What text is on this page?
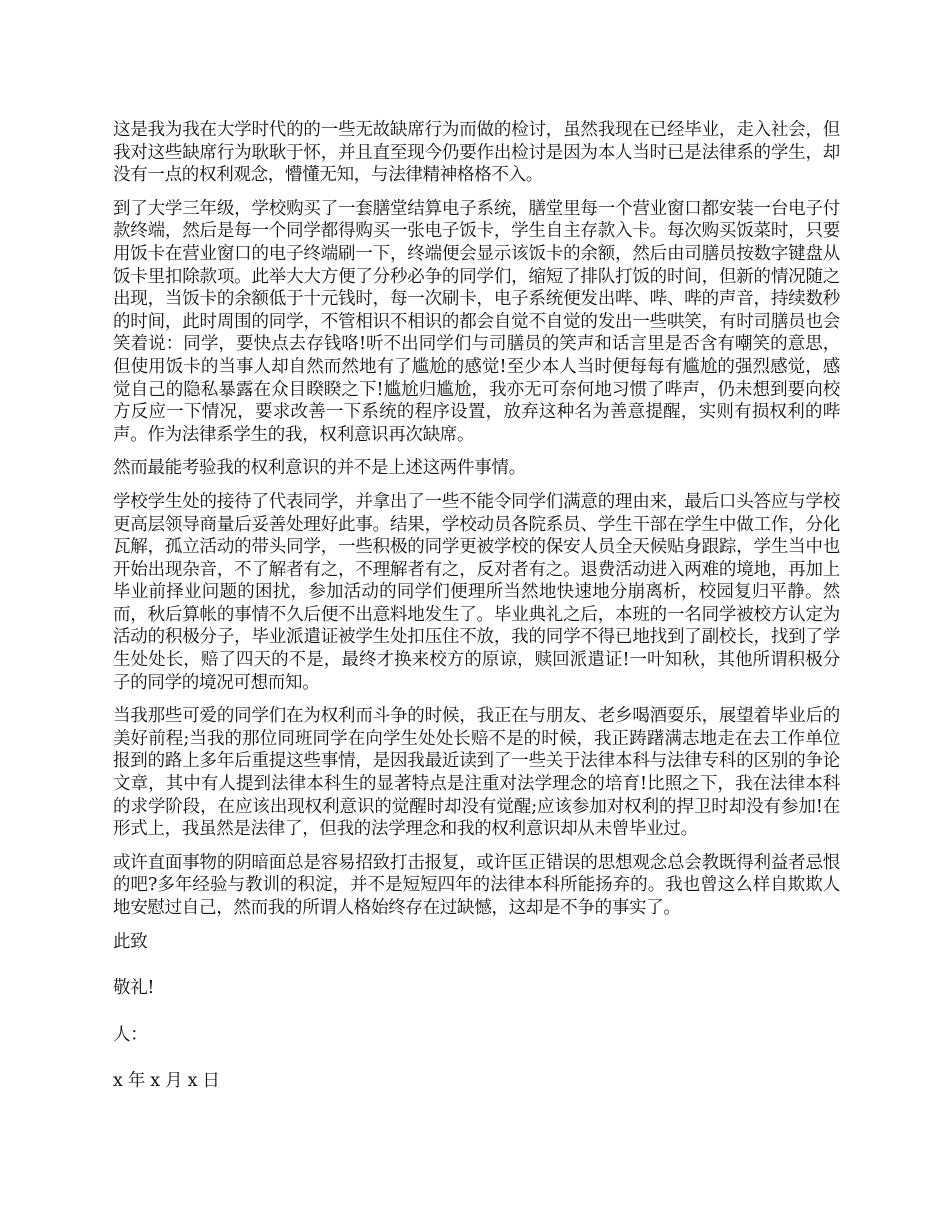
这是我为我在大学时代的的一些无故缺席行为而做的检讨，虽然我现在已经毕业，走入社会，但我对这些缺席行为耿耿于怀，并且直至现今仍要作出检讨是因为本人当时已是法律系的学生，却没有一点的权利观念，懵懂无知，与法律精神格格不入。

到了大学三年级，学校购买了一套膳堂结算电子系统，膳堂里每一个营业窗口都安装一台电子付款终端，然后是每一个同学都得购买一张电子饭卡，学生自主存款入卡。每次购买饭菜时，只要用饭卡在营业窗口的电子终端刷一下，终端便会显示该饭卡的余额，然后由司膳员按数字键盘从饭卡里扣除款项。此举大大方便了分秒必争的同学们，缩短了排队打饭的时间，但新的情况随之出现，当饭卡的余额低于十元钱时，每一次刷卡，电子系统便发出哔、哔、哔的声音，持续数秒的时间，此时周围的同学，不管相识不相识的都会自觉不自觉的发出一些哄笑，有时司膳员也会笑着说：同学，要快点去存钱咯!听不出同学们与司膳员的笑声和话言里是否含有嘲笑的意思，但使用饭卡的当事人却自然而然地有了尴尬的感觉!至少本人当时便每每有尴尬的强烈感觉，感觉自己的隐私暴露在众目睽睽之下!尴尬归尴尬，我亦无可奈何地习惯了哔声，仍未想到要向校方反应一下情况，要求改善一下系统的程序设置，放弃这种名为善意提醒，实则有损权利的哔声。作为法律系学生的我，权利意识再次缺席。

然而最能考验我的权利意识的并不是上述这两件事情。

学校学生处的接待了代表同学，并拿出了一些不能令同学们满意的理由来，最后口头答应与学校更高层领导商量后妥善处理好此事。结果，学校动员各院系员、学生干部在学生中做工作，分化瓦解，孤立活动的带头同学，一些积极的同学更被学校的保安人员全天候贴身跟踪，学生当中也开始出现杂音，不了解者有之，不理解者有之，反对者有之。退费活动进入两难的境地，再加上毕业前择业问题的困扰，参加活动的同学们便理所当然地快速地分崩离析，校园复归平静。然而，秋后算帐的事情不久后便不出意料地发生了。毕业典礼之后，本班的一名同学被校方认定为活动的积极分子，毕业派遣证被学生处扣压住不放，我的同学不得已地找到了副校长，找到了学生处处长，赔了四天的不是，最终才换来校方的原谅，赎回派遣证!一叶知秋，其他所谓积极分子的同学的境况可想而知。

当我那些可爱的同学们在为权利而斗争的时候，我正在与朋友、老乡喝酒耍乐，展望着毕业后的美好前程;当我的那位同班同学在向学生处处长赔不是的时候，我正踌躇满志地走在去工作单位报到的路上多年后重提这些事情，是因我最近读到了一些关于法律本科与法律专科的区别的争论文章，其中有人提到法律本科生的显著特点是注重对法学理念的培育!比照之下，我在法律本科的求学阶段，在应该出现权利意识的觉醒时却没有觉醒;应该参加对权利的捍卫时却没有参加!在形式上，我虽然是法律了，但我的法学理念和我的权利意识却从未曾毕业过。

或许直面事物的阴暗面总是容易招致打击报复，或许匡正错误的思想观念总会教既得利益者忌恨的吧?多年经验与教训的积淀，并不是短短四年的法律本科所能扬弃的。我也曾这么样自欺欺人地安慰过自己，然而我的所谓人格始终存在过缺憾，这却是不争的事实了。

此致

敬礼!

人：

x 年 x 月 x 日
